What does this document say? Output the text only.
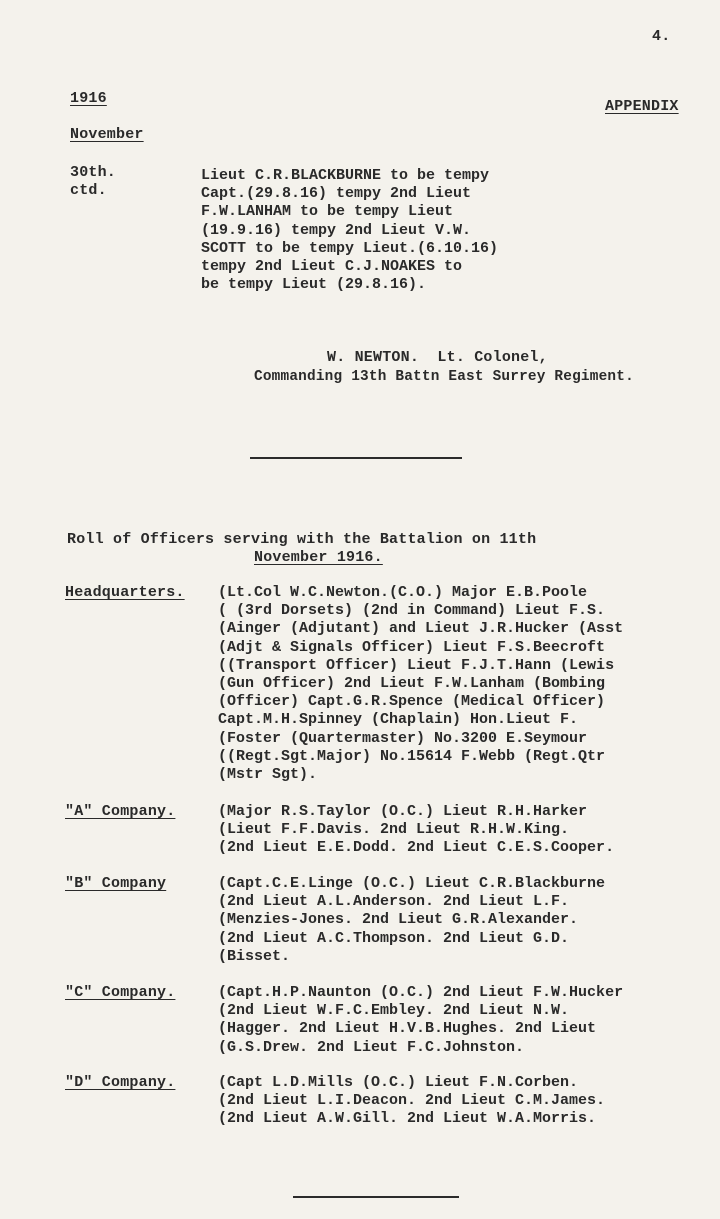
4.
1916	APPENDIX
November
30th.
ctd.
Lieut C.R.BLACKBURNE to be tempy
Capt.(29.8.16) tempy 2nd Lieut
F.W.LANHAM to be tempy Lieut
(19.9.16) tempy 2nd Lieut V.W.
SCOTT to be tempy Lieut.(6.10.16)
tempy 2nd Lieut C.J.NOAKES to
be tempy Lieut (29.8.16).
W. NEWTON.  Lt. Colonel,
Commanding 13th Battn East Surrey Regiment.
Roll of Officers serving with the Battalion on 11th
November 1916.
Headquarters. (Lt.Col W.C.Newton.(C.O.) Major E.B.Poole
( (3rd Dorsets) (2nd in Command) Lieut F.S.
(Ainger (Adjutant) and Lieut J.R.Hucker (Asst
(Adjt & Signals Officer) Lieut F.S.Beecroft
((Transport Officer) Lieut F.J.T.Hann (Lewis
(Gun Officer) 2nd Lieut F.W.Lanham (Bombing
(Officer) Capt.G.R.Spence (Medical Officer)
Capt.M.H.Spinney (Chaplain) Hon.Lieut F.
(Foster (Quartermaster) No.3200 E.Seymour
((Regt.Sgt.Major) No.15614 F.Webb (Regt.Qtr
(Mstr Sgt).
"A" Company.	(Major R.S.Taylor (O.C.) Lieut R.H.Harker
(Lieut F.F.Davis. 2nd Lieut R.H.W.King.
(2nd Lieut E.E.Dodd. 2nd Lieut C.E.S.Cooper.
"B" Company	(Capt.C.E.Linge (O.C.) Lieut C.R.Blackburne
(2nd Lieut A.L.Anderson. 2nd Lieut L.F.
(Menzies-Jones. 2nd Lieut G.R.Alexander.
(2nd Lieut A.C.Thompson. 2nd Lieut G.D.
(Bisset.
"C" Company.	(Capt.H.P.Naunton (O.C.) 2nd Lieut F.W.Hucker
(2nd Lieut W.F.C.Embley. 2nd Lieut N.W.
(Hagger. 2nd Lieut H.V.B.Hughes. 2nd Lieut
(G.S.Drew. 2nd Lieut F.C.Johnston.
"D" Company.	(Capt L.D.Mills (O.C.) Lieut F.N.Corben.
(2nd Lieut L.I.Deacon. 2nd Lieut C.M.James.
(2nd Lieut A.W.Gill. 2nd Lieut W.A.Morris.
